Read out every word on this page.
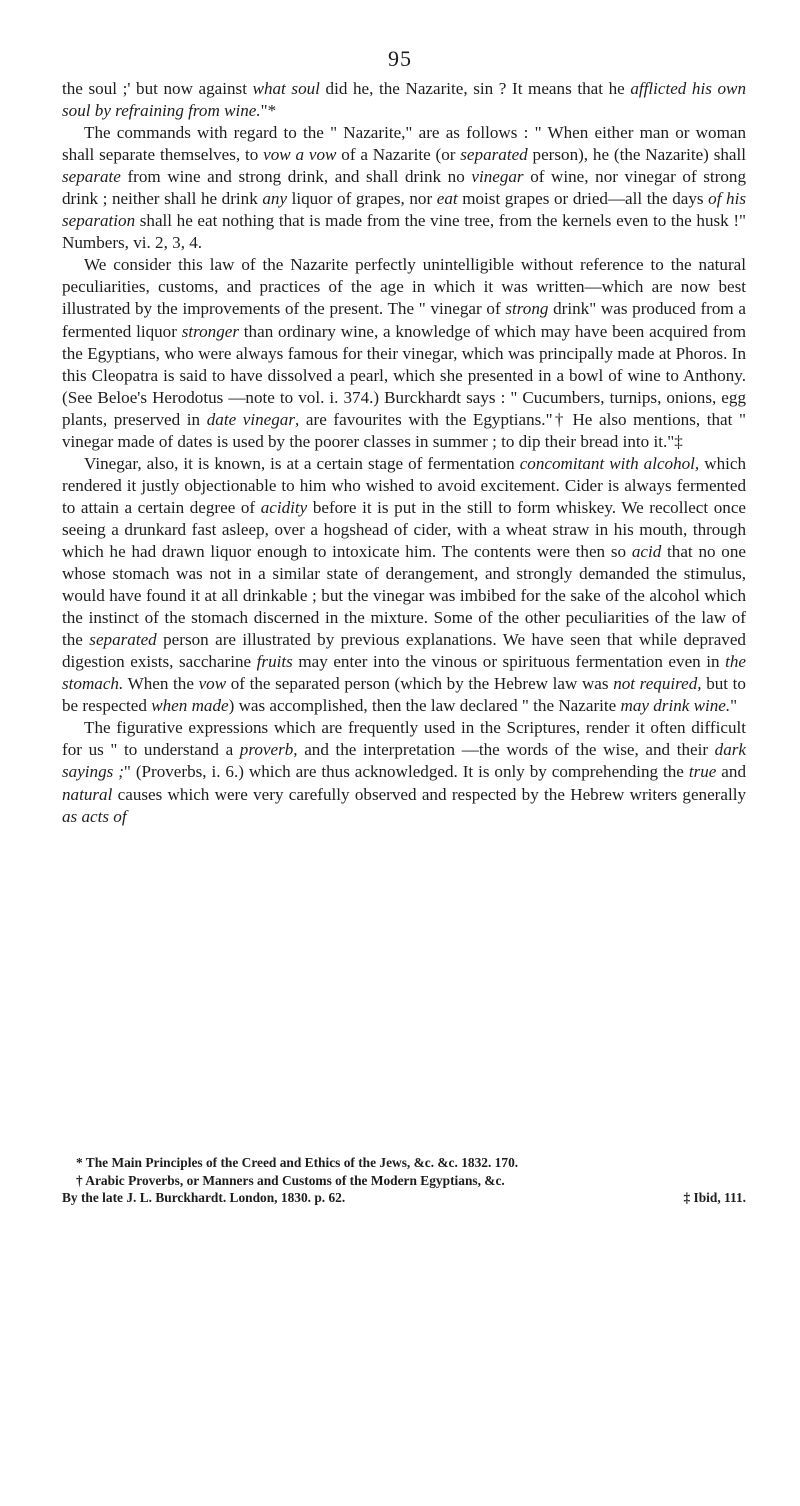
95

the soul ;' but now against what soul did he, the Nazarite, sin ? It means that he afflicted his own soul by refraining from wine."*

The commands with regard to the " Nazarite," are as follows : " When either man or woman shall separate themselves, to vow a vow of a Nazarite (or separated person), he (the Nazarite) shall separate from wine and strong drink, and shall drink no vinegar of wine, nor vinegar of strong drink ; neither shall he drink any liquor of grapes, nor eat moist grapes or dried—all the days of his separation shall he eat nothing that is made from the vine tree, from the kernels even to the husk !" Numbers, vi. 2, 3, 4.

We consider this law of the Nazarite perfectly unintelligible without reference to the natural peculiarities, customs, and practices of the age in which it was written—which are now best illustrated by the improvements of the present. The " vinegar of strong drink" was produced from a fermented liquor stronger than ordinary wine, a knowledge of which may have been acquired from the Egyptians, who were always famous for their vinegar, which was principally made at Phoros. In this Cleopatra is said to have dissolved a pearl, which she presented in a bowl of wine to Anthony. (See Beloe's Herodotus —note to vol. i. 374.) Burckhardt says : " Cucumbers, turnips, onions, egg plants, preserved in date vinegar, are favourites with the Egyptians."† He also mentions, that " vinegar made of dates is used by the poorer classes in summer ; to dip their bread into it."‡

Vinegar, also, it is known, is at a certain stage of fermentation concomitant with alcohol, which rendered it justly objectionable to him who wished to avoid excitement. Cider is always fermented to attain a certain degree of acidity before it is put in the still to form whiskey. We recollect once seeing a drunkard fast asleep, over a hogshead of cider, with a wheat straw in his mouth, through which he had drawn liquor enough to intoxicate him. The contents were then so acid that no one whose stomach was not in a similar state of derangement, and strongly demanded the stimulus, would have found it at all drinkable ; but the vinegar was imbibed for the sake of the alcohol which the instinct of the stomach discerned in the mixture. Some of the other peculiarities of the law of the separated person are illustrated by previous explanations. We have seen that while depraved digestion exists, saccharine fruits may enter into the vinous or spirituous fermentation even in the stomach. When the vow of the separated person (which by the Hebrew law was not required, but to be respected when made) was accomplished, then the law declared " the Nazarite may drink wine."

The figurative expressions which are frequently used in the Scriptures, render it often difficult for us " to understand a proverb, and the interpretation —the words of the wise, and their dark sayings ;" (Proverbs, i. 6.) which are thus acknowledged. It is only by comprehending the true and natural causes which were very carefully observed and respected by the Hebrew writers generally as acts of

* The Main Principles of the Creed and Ethics of the Jews, &c. &c. 1832. 170.

† Arabic Proverbs, or Manners and Customs of the Modern Egyptians, &c.

By the late J. L. Burckhardt. London, 1830. p. 62.	‡ Ibid, 111.
